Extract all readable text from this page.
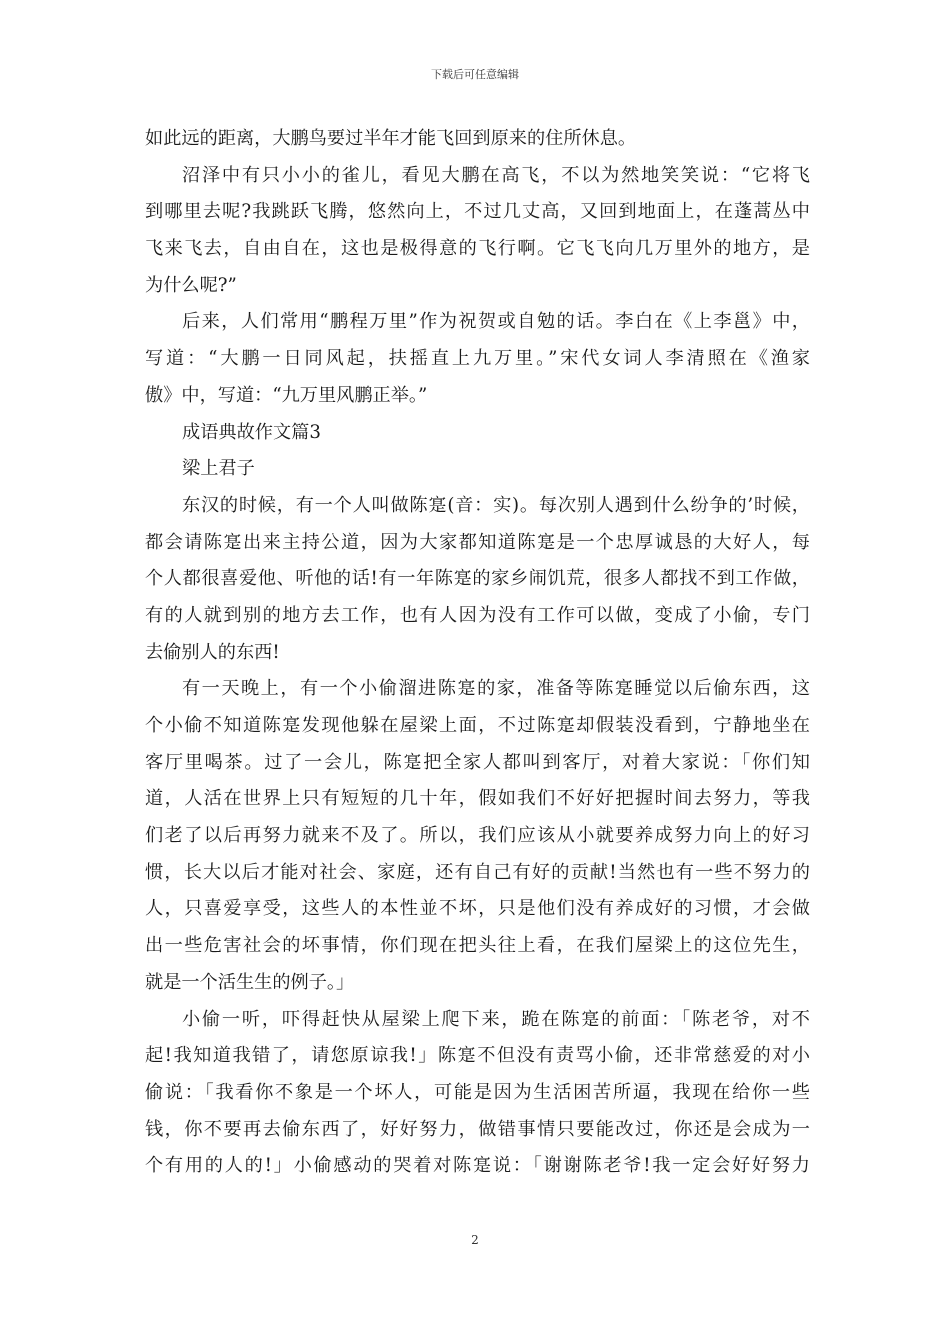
下载后可任意编辑
如此远的距离，大鹏鸟要过半年才能飞回到原来的住所休息。
沼泽中有只小小的雀儿，看见大鹏在高飞，不以为然地笑笑说：“它将飞
到哪里去呢?我跳跃飞腾，悠然向上，不过几丈高，又回到地面上，在蓬蒿丛中
飞来飞去，自由自在，这也是极得意的飞行啊。它飞飞向几万里外的地方，是
为什么呢?”
后来，人们常用“鹏程万里”作为祝贺或自勉的话。李白在《上李邕》中，
写道：“大鹏一日同风起，扶摇直上九万里。”宋代女词人李清照在《渔家
傲》中，写道：“九万里风鹏正举。”
成语典故作文篇3
梁上君子
东汉的时候，有一个人叫做陈寔(音：实)。每次别人遇到什么纷争的’时候，
都会请陈寔出来主持公道，因为大家都知道陈寔是一个忠厚诚恳的大好人，每
个人都很喜爱他、听他的话!有一年陈寔的家乡闹饥荒，很多人都找不到工作做，
有的人就到别的地方去工作，也有人因为没有工作可以做，变成了小偷，专门
去偷别人的东西!
有一天晚上，有一个小偷溜进陈寔的家，准备等陈寔睡觉以后偷东西，这
个小偷不知道陈寔发现他躲在屋梁上面，不过陈寔却假装没看到，宁静地坐在
客厅里喝茶。过了一会儿，陈寔把全家人都叫到客厅，对着大家说：「你们知
道，人活在世界上只有短短的几十年，假如我们不好好把握时间去努力，等我
们老了以后再努力就来不及了。所以，我们应该从小就要养成努力向上的好习
惯，长大以后才能对社会、家庭，还有自己有好的贡献!当然也有一些不努力的
人，只喜爱享受，这些人的本性並不坏，只是他们没有养成好的习惯，才会做
出一些危害社会的坏事情，你们现在把头往上看，在我们屋梁上的这位先生，
就是一个活生生的例子。」
小偷一听，吓得赶快从屋梁上爬下来，跪在陈寔的前面：「陈老爷，对不
起!我知道我错了，请您原谅我!」陈寔不但没有责骂小偷，还非常慈爱的对小
偷说：「我看你不象是一个坏人，可能是因为生活困苦所逼，我现在给你一些
钱，你不要再去偷东西了，好好努力，做错事情只要能改过，你还是会成为一
个有用的人的!」小偷感动的哭着对陈寔说：「谢谢陈老爷!我一定会好好努力
2
